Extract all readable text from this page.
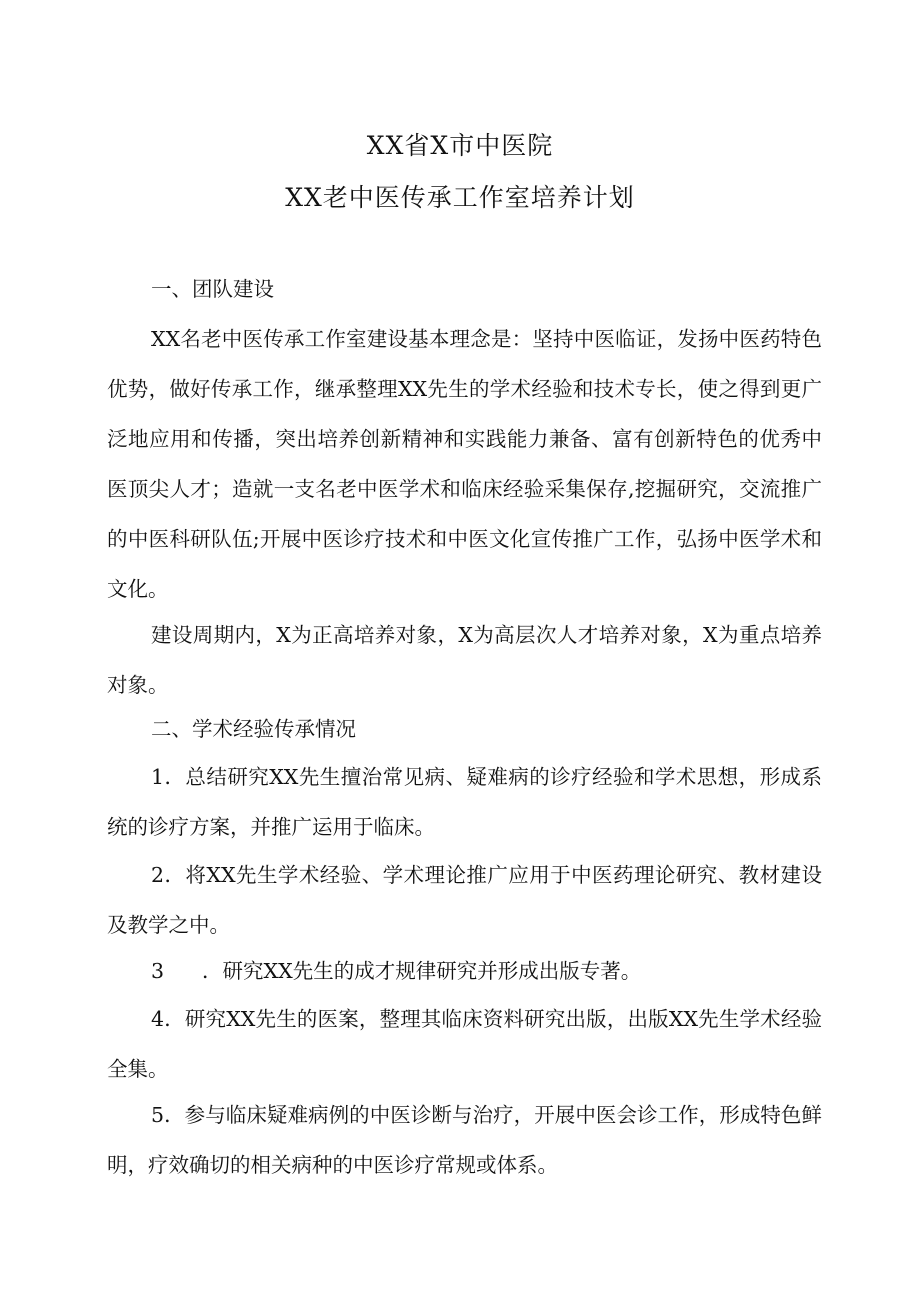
XX省X市中医院
XX老中医传承工作室培养计划
一、团队建设
XX名老中医传承工作室建设基本理念是：坚持中医临证，发扬中医药特色优势，做好传承工作，继承整理XX先生的学术经验和技术专长，使之得到更广泛地应用和传播，突出培养创新精神和实践能力兼备、富有创新特色的优秀中医顶尖人才；造就一支名老中医学术和临床经验采集保存,挖掘研究，交流推广的中医科研队伍;开展中医诊疗技术和中医文化宣传推广工作，弘扬中医学术和文化。
建设周期内，X为正高培养对象，X为高层次人才培养对象，X为重点培养对象。
二、学术经验传承情况
1．总结研究XX先生擅治常见病、疑难病的诊疗经验和学术思想，形成系统的诊疗方案，并推广运用于临床。
2．将XX先生学术经验、学术理论推广应用于中医药理论研究、教材建设及教学之中。
3 ．研究XX先生的成才规律研究并形成出版专著。
4．研究XX先生的医案，整理其临床资料研究出版，出版XX先生学术经验全集。
5．参与临床疑难病例的中医诊断与治疗，开展中医会诊工作，形成特色鲜明，疗效确切的相关病种的中医诊疗常规或体系。
